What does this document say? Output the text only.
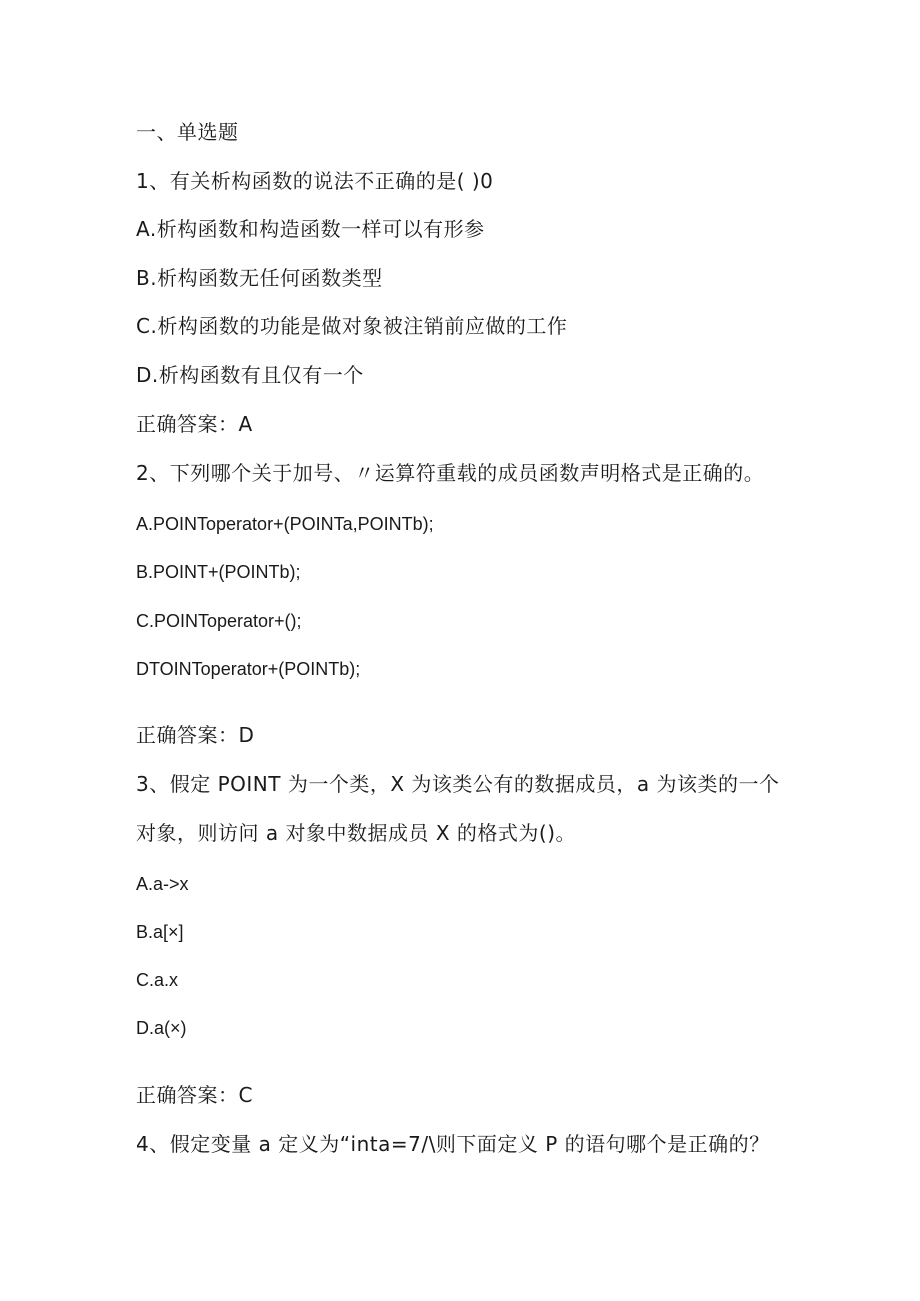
一、单选题
1、有关析构函数的说法不正确的是( )0
A.析构函数和构造函数一样可以有形参
B.析构函数无任何函数类型
C.析构函数的功能是做对象被注销前应做的工作
D.析构函数有且仅有一个
正确答案：A
2、下列哪个关于加号、〃运算符重载的成员函数声明格式是正确的。
A.POINToperator+(POINTa,POINTb);
B.POINT+(POINTb);
C.POINToperator+();
DTOINToperator+(POINTb);
正确答案：D
3、假定 POINT 为一个类，X 为该类公有的数据成员，a 为该类的一个
对象，则访问 a 对象中数据成员 X 的格式为()。
A.a->x
B.a[×]
C.a.x
D.a(×)
正确答案：C
4、假定变量 a 定义为“inta=7/\则下面定义 P 的语句哪个是正确的？
